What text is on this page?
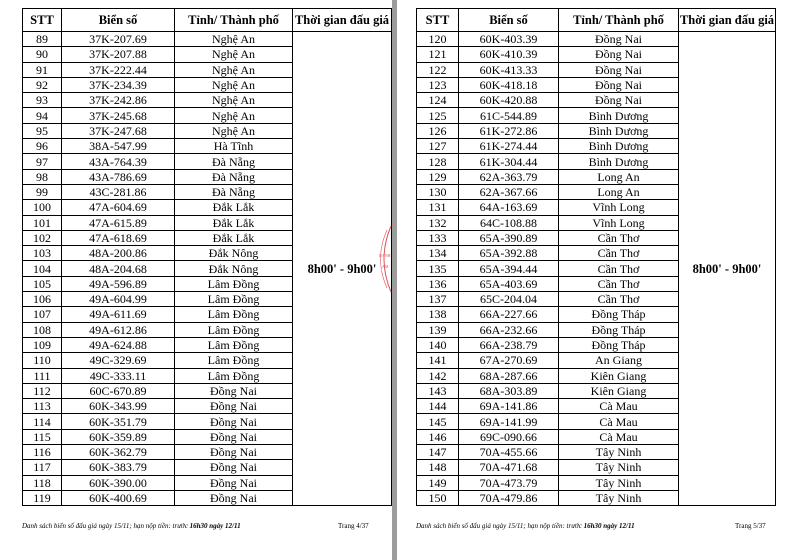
STT	Biển số	Tỉnh/ Thành phố	Thời gian đấu giá
89	37K-207.69	Nghệ An	8h00' - 9h00'
90	37K-207.88	Nghệ An	
91	37K-222.44	Nghệ An	
92	37K-234.39	Nghệ An	
93	37K-242.86	Nghệ An	
94	37K-245.68	Nghệ An	
95	37K-247.68	Nghệ An	
96	38A-547.99	Hà Tĩnh	
97	43A-764.39	Đà Nẵng	
98	43A-786.69	Đà Nẵng	
99	43C-281.86	Đà Nẵng	
100	47A-604.69	Đắk Lắk	
101	47A-615.89	Đắk Lắk	
102	47A-618.69	Đắk Lắk	
103	48A-200.86	Đắk Nông	
104	48A-204.68	Đắk Nông	
105	49A-596.89	Lâm Đồng	
106	49A-604.99	Lâm Đồng	
107	49A-611.69	Lâm Đồng	
108	49A-612.86	Lâm Đồng	
109	49A-624.88	Lâm Đồng	
110	49C-329.69	Lâm Đồng	
111	49C-333.11	Lâm Đồng	
112	60C-670.89	Đồng Nai	
113	60K-343.99	Đồng Nai	
114	60K-351.79	Đồng Nai	
115	60K-359.89	Đồng Nai	
116	60K-362.79	Đồng Nai	
117	60K-383.79	Đồng Nai	
118	60K-390.00	Đồng Nai	
119	60K-400.69	Đồng Nai	
Danh sách biển số đấu giá ngày 15/11; hạn nộp tiền: trước 16h30 ngày 12/11	Trang 4/37
STT	Biển số	Tỉnh/ Thành phố	Thời gian đấu giá
120	60K-403.39	Đồng Nai	8h00' - 9h00'
121	60K-410.39	Đồng Nai	
122	60K-413.33	Đồng Nai	
123	60K-418.18	Đồng Nai	
124	60K-420.88	Đồng Nai	
125	61C-544.89	Bình Dương	
126	61K-272.86	Bình Dương	
127	61K-274.44	Bình Dương	
128	61K-304.44	Bình Dương	
129	62A-363.79	Long An	
130	62A-367.66	Long An	
131	64A-163.69	Vĩnh Long	
132	64C-108.88	Vĩnh Long	
133	65A-390.89	Cần Thơ	
134	65A-392.88	Cần Thơ	
135	65A-394.44	Cần Thơ	
136	65A-403.69	Cần Thơ	
137	65C-204.04	Cần Thơ	
138	66A-227.66	Đồng Tháp	
139	66A-232.66	Đồng Tháp	
140	66A-238.79	Đồng Tháp	
141	67A-270.69	An Giang	
142	68A-287.66	Kiên Giang	
143	68A-303.89	Kiên Giang	
144	69A-141.86	Cà Mau	
145	69A-141.99	Cà Mau	
146	69C-090.66	Cà Mau	
147	70A-455.66	Tây Ninh	
148	70A-471.68	Tây Ninh	
149	70A-473.79	Tây Ninh	
150	70A-479.86	Tây Ninh	
Danh sách biển số đấu giá ngày 15/11; hạn nộp tiền: trước 16h30 ngày 12/11	Trang 5/37
DANH
AM
